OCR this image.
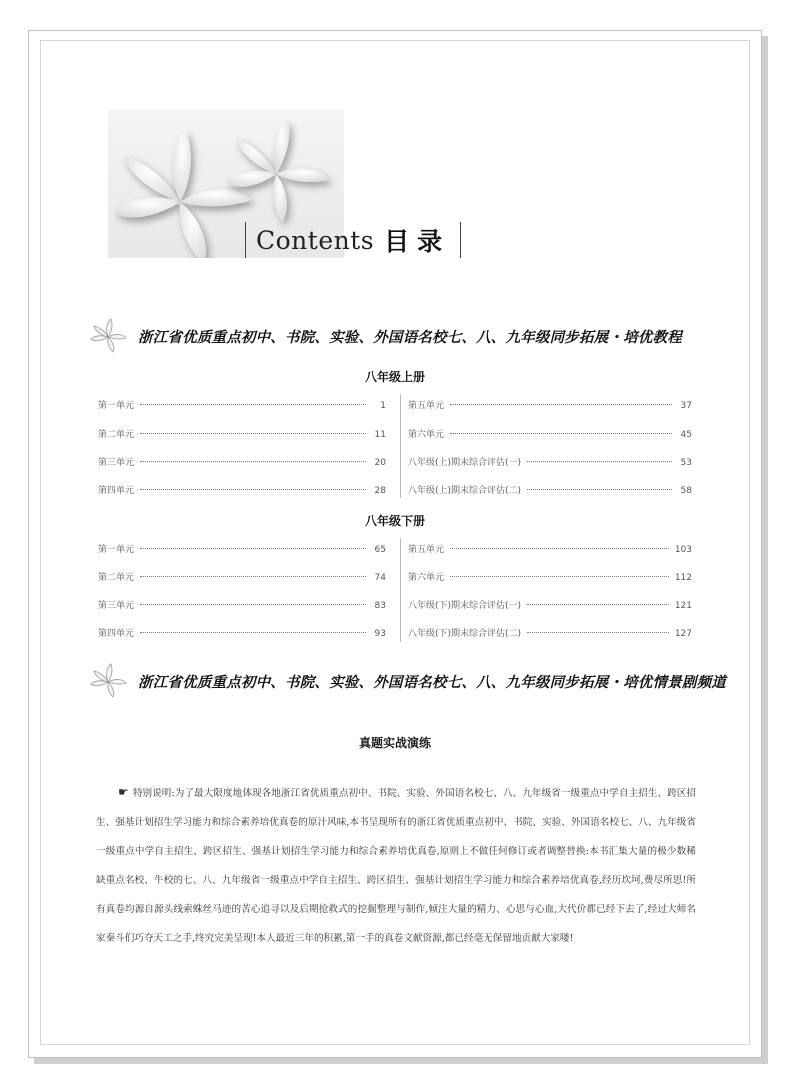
Contents 目录
浙江省优质重点初中、书院、实验、外国语名校七、八、九年级同步拓展・培优教程
八年级上册
第一单元	1
第二单元	11
第三单元	20
第四单元	28
第五单元	37
第六单元	45
八年级(上)期末综合评估(一)	53
八年级(上)期末综合评估(二)	58
八年级下册
第一单元	65
第二单元	74
第三单元	83
第四单元	93
第五单元	103
第六单元	112
八年级(下)期末综合评估(一)	121
八年级(下)期末综合评估(二)	127
浙江省优质重点初中、书院、实验、外国语名校七、八、九年级同步拓展・培优情景剧频道
真题实战演练
☛ 特别说明:为了最大限度地体现各地浙江省优质重点初中、书院、实验、外国语名校七、八、九年级省一级重点中学自主招生、跨区招生、强基计划招生学习能力和综合素养培优真卷的原汁风味,本书呈现所有的浙江省优质重点初中、书院、实验、外国语名校七、八、九年级省一级重点中学自主招生、跨区招生、强基计划招生学习能力和综合素养培优真卷,原则上不做任何修订或者调整替换:本书汇集大量的极少数稀缺重点名校、牛校的七、八、九年级省一级重点中学自主招生、跨区招生、强基计划招生学习能力和综合素养培优真卷,经历坎坷,费尽所思!所有真卷均源自源头线索蛛丝马迹的苦心追寻以及后期抢救式的挖掘整理与制作,倾注大量的精力、心思与心血,大代价都已经下去了,经过大师名家秦斗们巧夺天工之手,终究完美呈现!本人最近三年的积累,第一手的真卷文献资源,都已经毫无保留地贡献大家喽!
